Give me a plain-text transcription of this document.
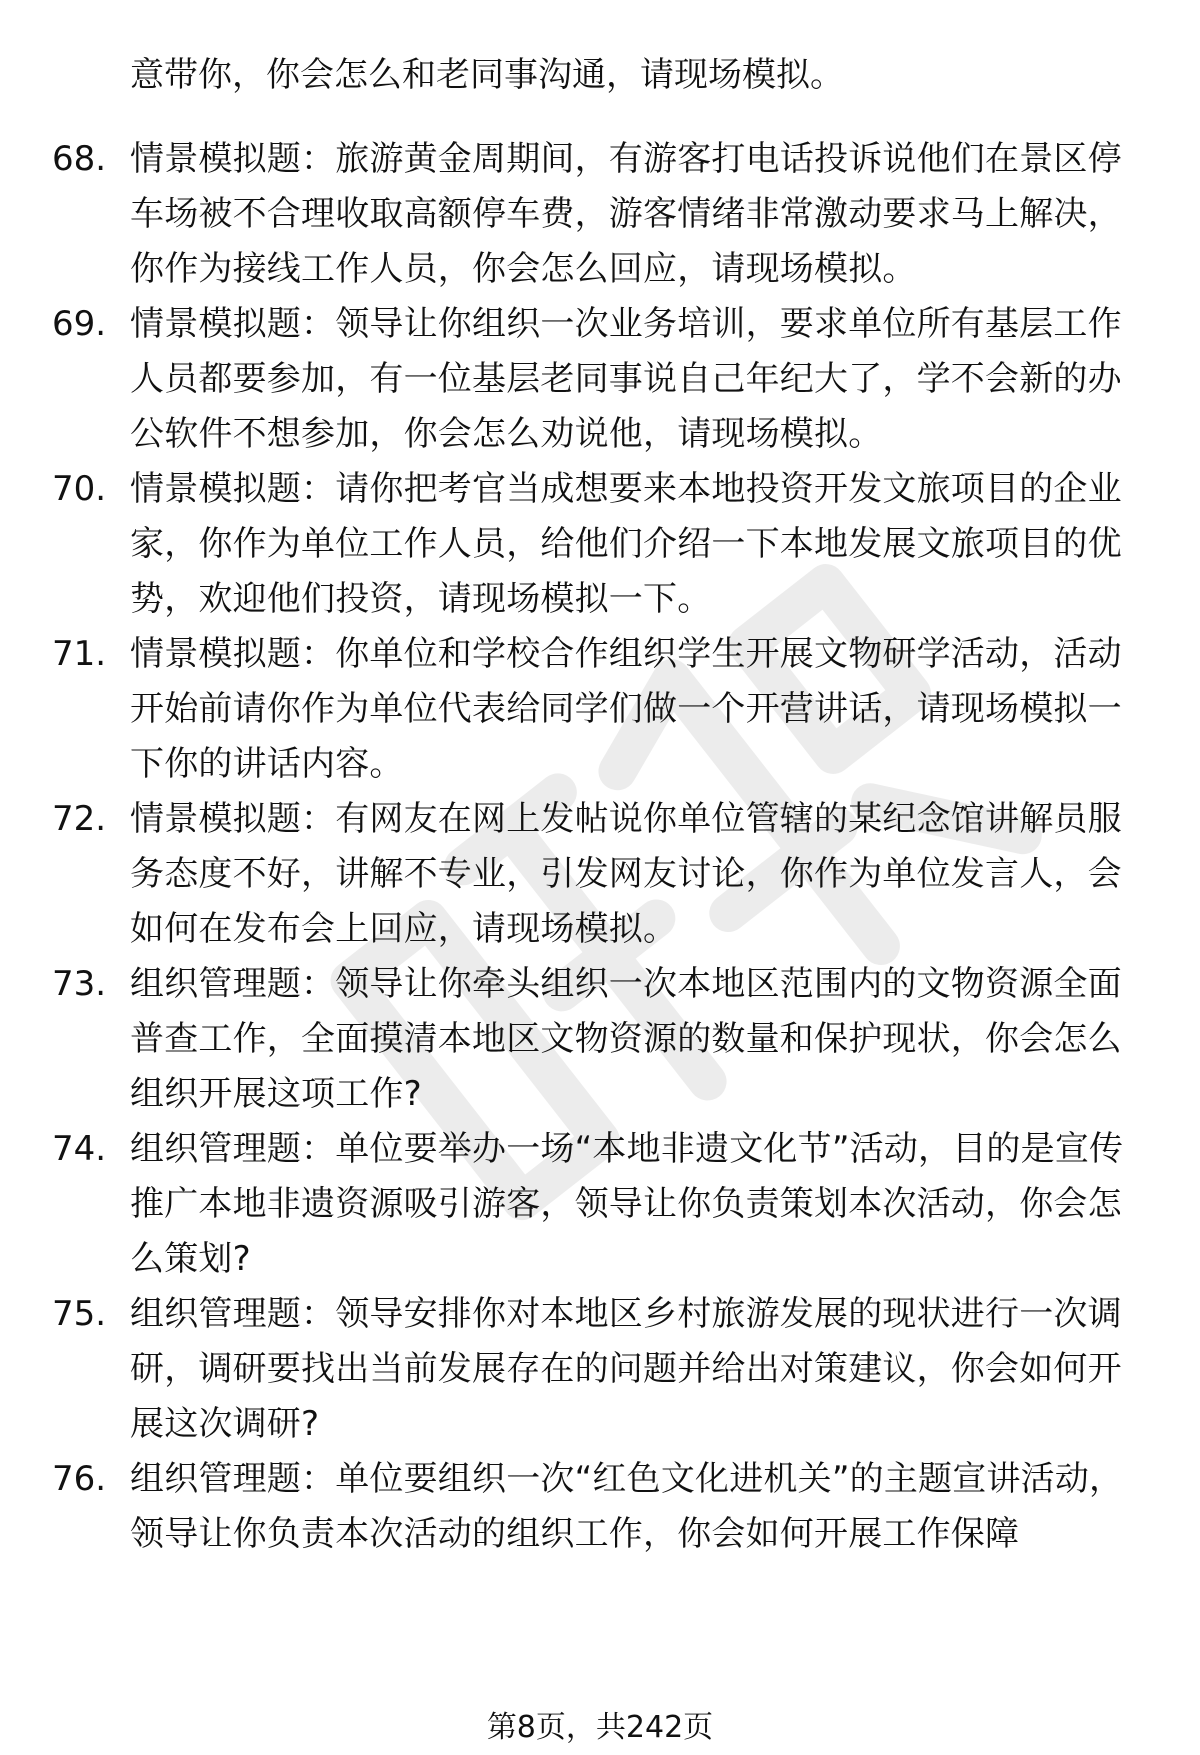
意带你，你会怎么和老同事沟通，请现场模拟。
68. 情景模拟题：旅游黄金周期间，有游客打电话投诉说他们在景区停车场被不合理收取高额停车费，游客情绪非常激动要求马上解决，你作为接线工作人员，你会怎么回应，请现场模拟。
69. 情景模拟题：领导让你组织一次业务培训，要求单位所有基层工作人员都要参加，有一位基层老同事说自己年纪大了，学不会新的办公软件不想参加，你会怎么劝说他，请现场模拟。
70. 情景模拟题：请你把考官当成想要来本地投资开发文旅项目的企业家，你作为单位工作人员，给他们介绍一下本地发展文旅项目的优势，欢迎他们投资，请现场模拟一下。
71. 情景模拟题：你单位和学校合作组织学生开展文物研学活动，活动开始前请你作为单位代表给同学们做一个开营讲话，请现场模拟一下你的讲话内容。
72. 情景模拟题：有网友在网上发帖说你单位管辖的某纪念馆讲解员服务态度不好，讲解不专业，引发网友讨论，你作为单位发言人，会如何在发布会上回应，请现场模拟。
73. 组织管理题：领导让你牵头组织一次本地区范围内的文物资源全面普查工作，全面摸清本地区文物资源的数量和保护现状，你会怎么组织开展这项工作?
74. 组织管理题：单位要举办一场“本地非遗文化节”活动，目的是宣传推广本地非遗资源吸引游客，领导让你负责策划本次活动，你会怎么策划?
75. 组织管理题：领导安排你对本地区乡村旅游发展的现状进行一次调研，调研要找出当前发展存在的问题并给出对策建议，你会如何开展这次调研?
76. 组织管理题：单位要组织一次“红色文化进机关”的主题宣讲活动，领导让你负责本次活动的组织工作，你会如何开展工作保障
第8页，共242页
